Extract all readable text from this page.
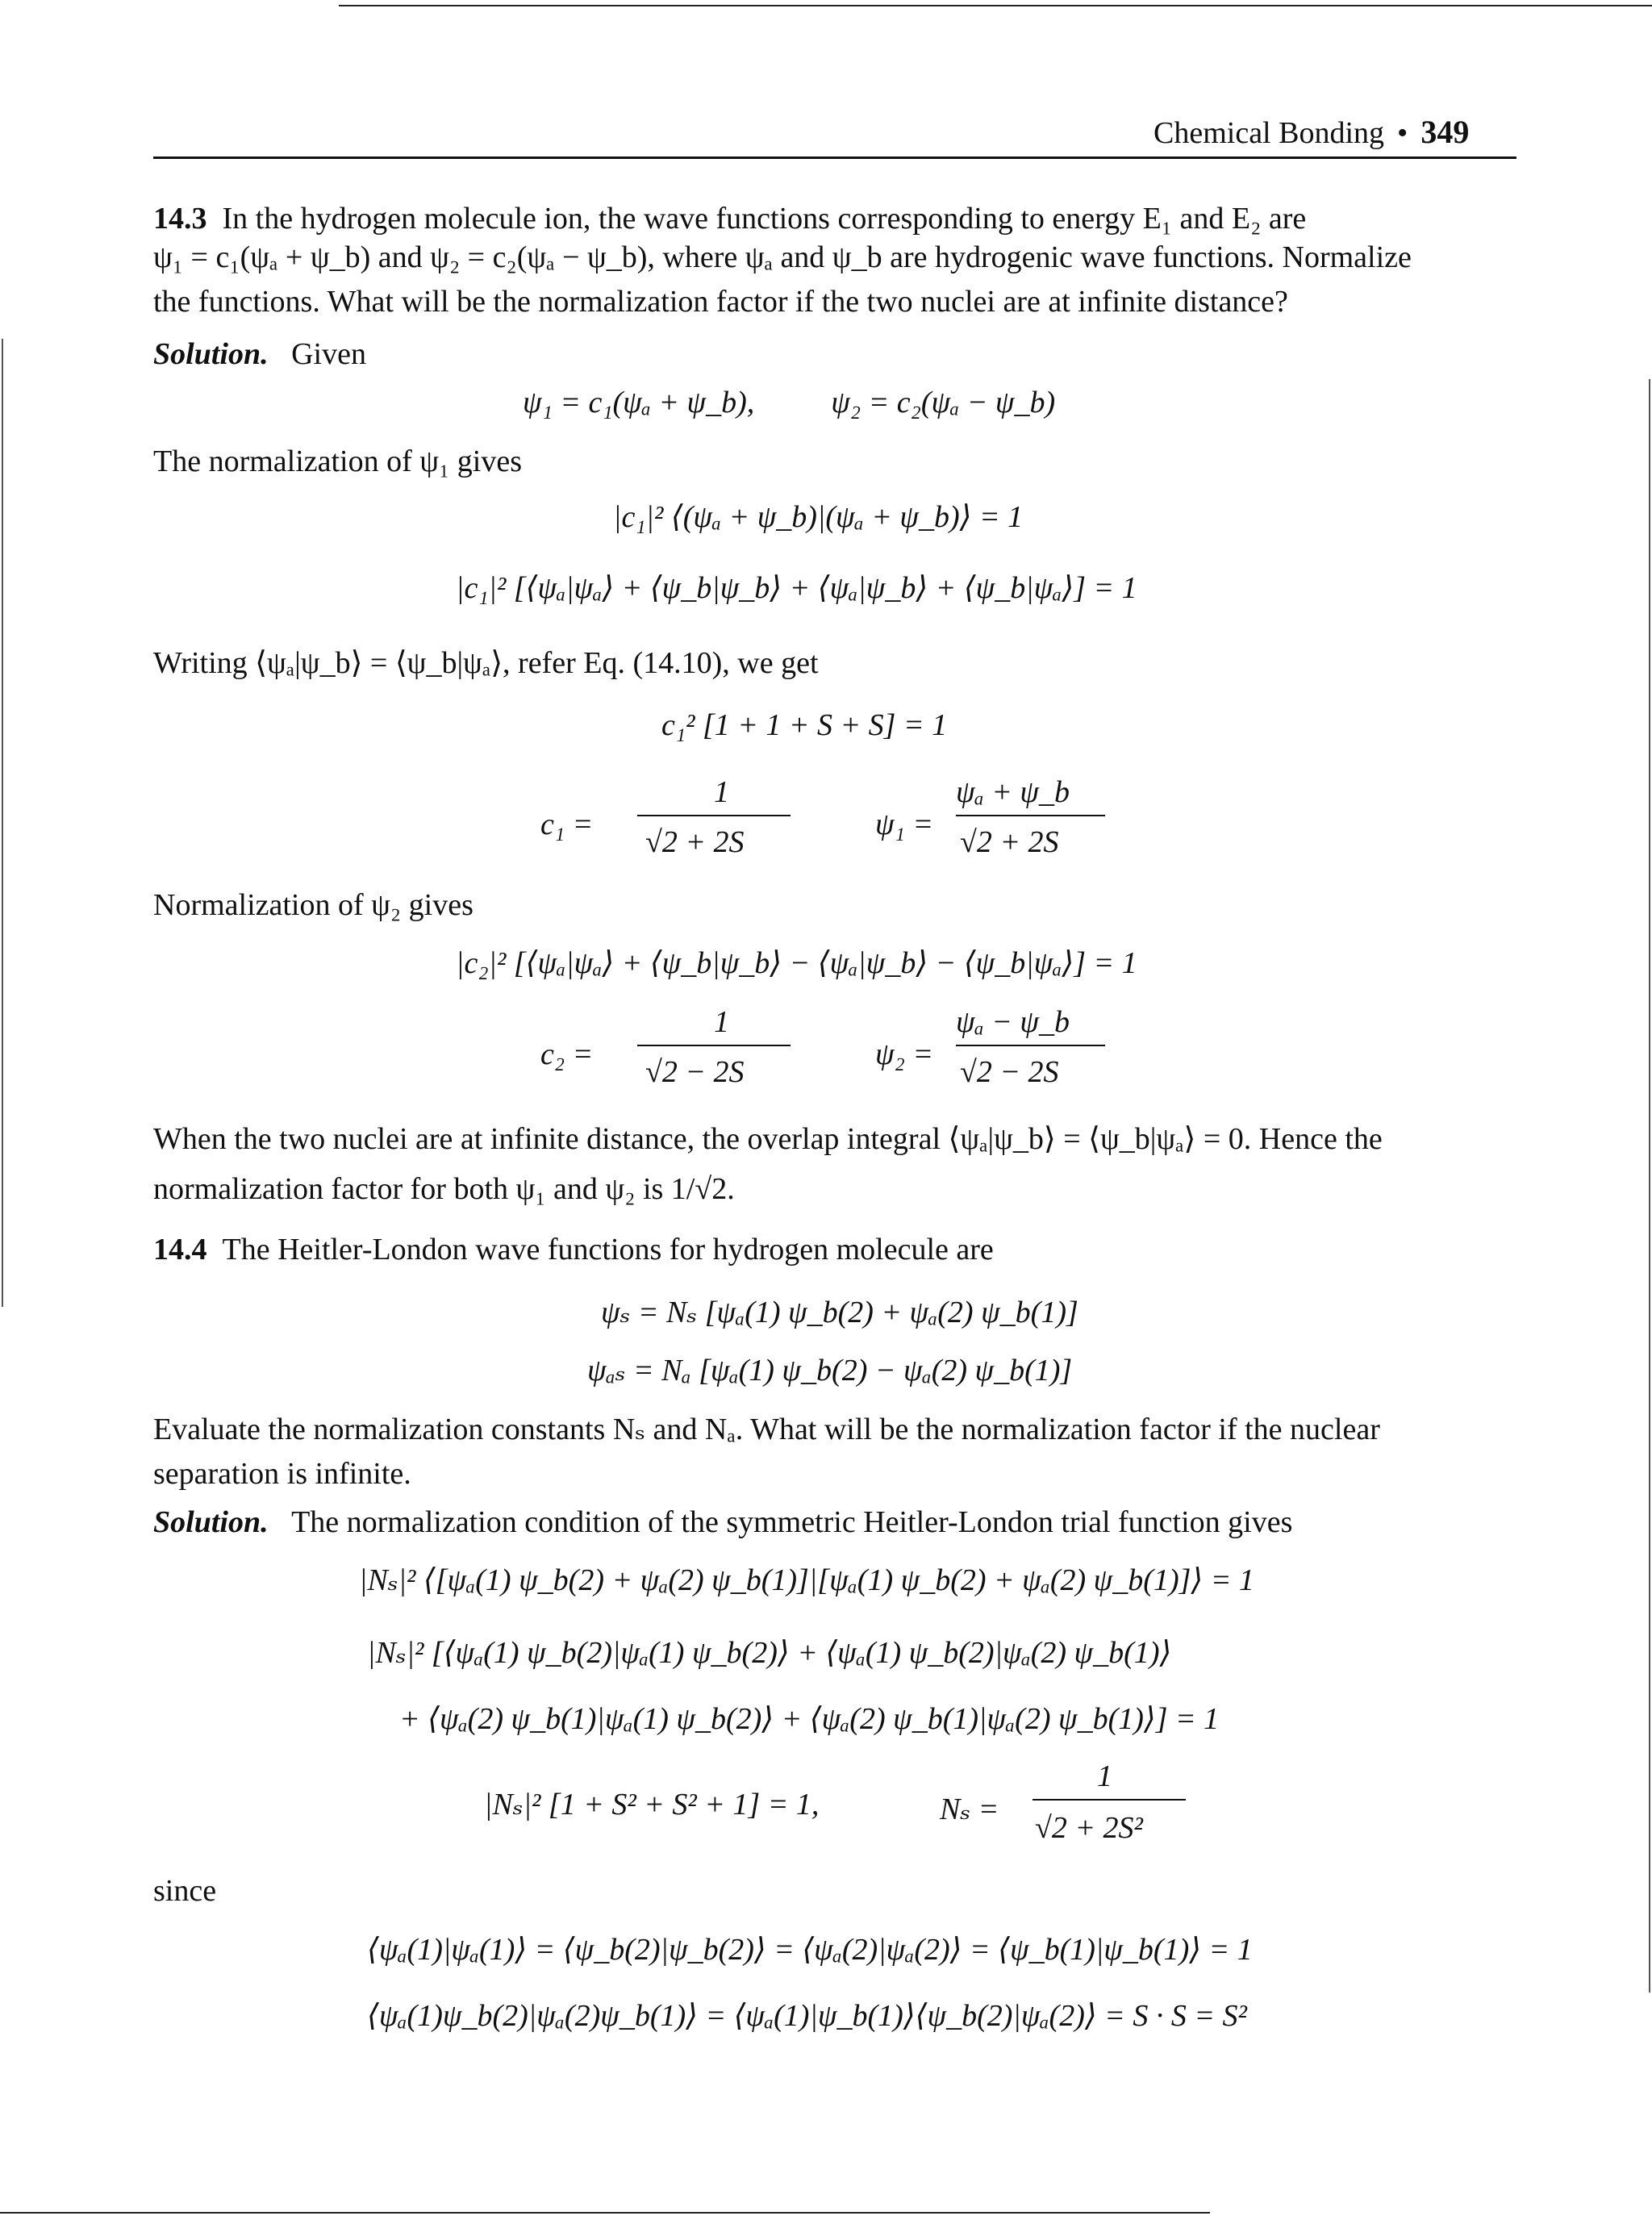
Chemical Bonding • 349
14.3 In the hydrogen molecule ion, the wave functions corresponding to energy E₁ and E₂ are
ψ₁ = c₁(ψₐ + ψ_b) and ψ₂ = c₂(ψₐ − ψ_b), where ψₐ and ψ_b are hydrogenic wave functions. Normalize
the functions. What will be the normalization factor if the two nuclei are at infinite distance?
Solution. Given
ψ₁ = c₁(ψₐ + ψ_b),          ψ₂ = c₂(ψₐ − ψ_b)
The normalization of ψ₁ gives
|c₁|² ⟨(ψₐ + ψ_b)|(ψₐ + ψ_b)⟩ = 1
|c₁|² [⟨ψₐ|ψₐ⟩ + ⟨ψ_b|ψ_b⟩ + ⟨ψₐ|ψ_b⟩ + ⟨ψ_b|ψₐ⟩] = 1
Writing ⟨ψₐ|ψ_b⟩ = ⟨ψ_b|ψₐ⟩, refer Eq. (14.10), we get
c₁² [1 + 1 + S + S] = 1
c₁ =
1
√2 + 2S
ψ₁ =
ψₐ + ψ_b
√2 + 2S
Normalization of ψ₂ gives
|c₂|² [⟨ψₐ|ψₐ⟩ + ⟨ψ_b|ψ_b⟩ − ⟨ψₐ|ψ_b⟩ − ⟨ψ_b|ψₐ⟩] = 1
c₂ =
1
√2 − 2S
ψ₂ =
ψₐ − ψ_b
√2 − 2S
When the two nuclei are at infinite distance, the overlap integral ⟨ψₐ|ψ_b⟩ = ⟨ψ_b|ψₐ⟩ = 0. Hence the
normalization factor for both ψ₁ and ψ₂ is 1/√2.
14.4 The Heitler-London wave functions for hydrogen molecule are
ψₛ = Nₛ [ψₐ(1) ψ_b(2) + ψₐ(2) ψ_b(1)]
ψₐₛ = Nₐ [ψₐ(1) ψ_b(2) − ψₐ(2) ψ_b(1)]
Evaluate the normalization constants Nₛ and Nₐ. What will be the normalization factor if the nuclear
separation is infinite.
Solution. The normalization condition of the symmetric Heitler-London trial function gives
|Nₛ|² ⟨[ψₐ(1) ψ_b(2) + ψₐ(2) ψ_b(1)]|[ψₐ(1) ψ_b(2) + ψₐ(2) ψ_b(1)]⟩ = 1
|Nₛ|² [⟨ψₐ(1) ψ_b(2)|ψₐ(1) ψ_b(2)⟩ + ⟨ψₐ(1) ψ_b(2)|ψₐ(2) ψ_b(1)⟩
+ ⟨ψₐ(2) ψ_b(1)|ψₐ(1) ψ_b(2)⟩ + ⟨ψₐ(2) ψ_b(1)|ψₐ(2) ψ_b(1)⟩] = 1
|Nₛ|² [1 + S² + S² + 1] = 1,	Nₛ =
1
√2 + 2S²
since
⟨ψₐ(1)|ψₐ(1)⟩ = ⟨ψ_b(2)|ψ_b(2)⟩ = ⟨ψₐ(2)|ψₐ(2)⟩ = ⟨ψ_b(1)|ψ_b(1)⟩ = 1
⟨ψₐ(1)ψ_b(2)|ψₐ(2)ψ_b(1)⟩ = ⟨ψₐ(1)|ψ_b(1)⟩⟨ψ_b(2)|ψₐ(2)⟩ = S · S = S²
